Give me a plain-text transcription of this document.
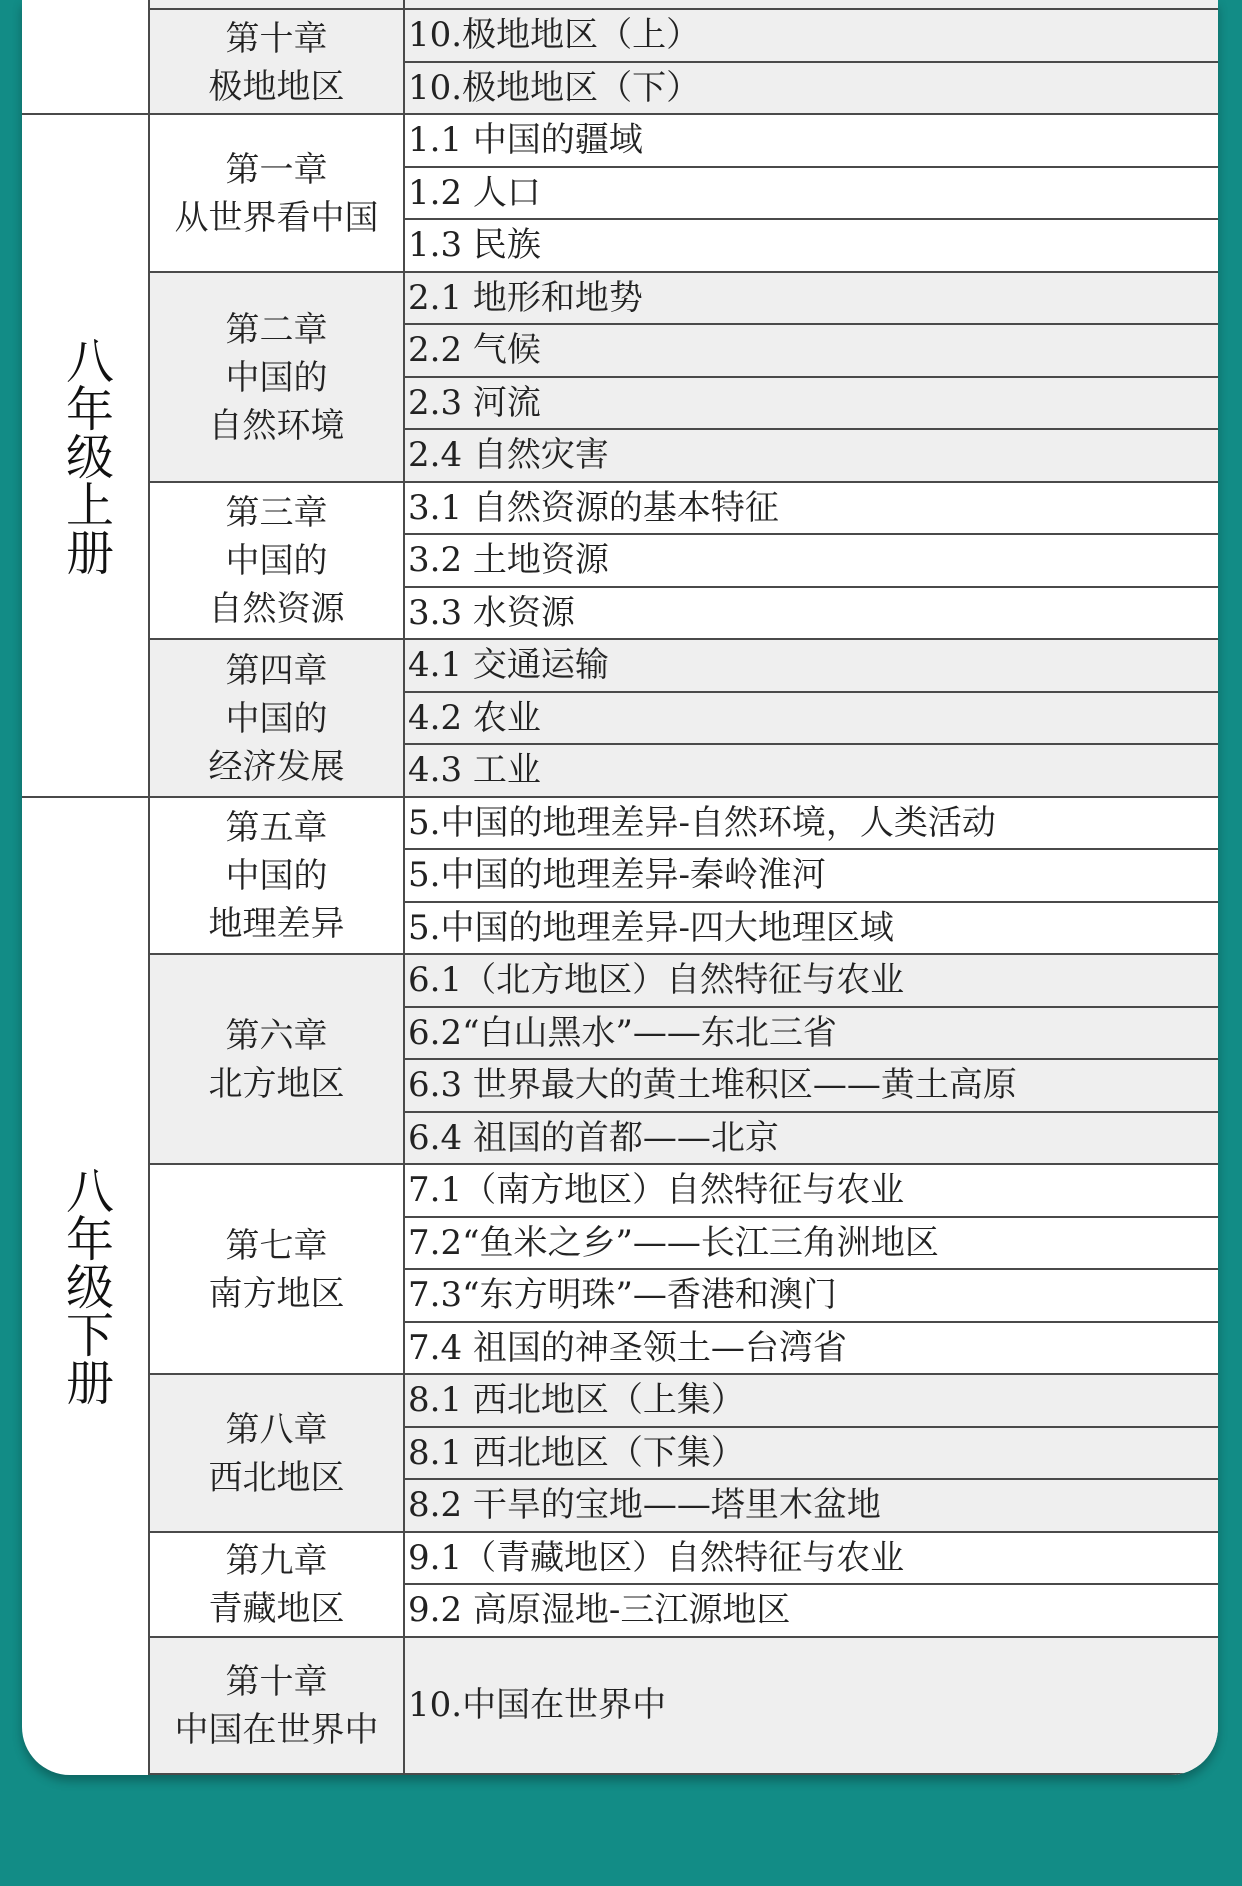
第十章
极地地区
10.极地地区（上）
10.极地地区（下）
第一章
从世界看中国
1.1 中国的疆域
1.2 人口
1.3 民族
第二章
中国的
自然环境
2.1 地形和地势
2.2 气候
2.3 河流
2.4 自然灾害
第三章
中国的
自然资源
3.1 自然资源的基本特征
3.2 土地资源
3.3 水资源
第四章
中国的
经济发展
4.1 交通运输
4.2 农业
4.3 工业
第五章
中国的
地理差异
5.中国的地理差异-自然环境，人类活动
5.中国的地理差异-秦岭淮河
5.中国的地理差异-四大地理区域
第六章
北方地区
6.1（北方地区）自然特征与农业
6.2“白山黑水”——东北三省
6.3 世界最大的黄土堆积区——黄土高原
6.4 祖国的首都——北京
第七章
南方地区
7.1（南方地区）自然特征与农业
7.2“鱼米之乡”——长江三角洲地区
7.3“东方明珠”—香港和澳门
7.4 祖国的神圣领土—台湾省
第八章
西北地区
8.1 西北地区（上集）
8.1 西北地区（下集）
8.2 干旱的宝地——塔里木盆地
第九章
青藏地区
9.1（青藏地区）自然特征与农业
9.2 高原湿地-三江源地区
第十章
中国在世界中
10.中国在世界中
八年级上册
八年级下册
